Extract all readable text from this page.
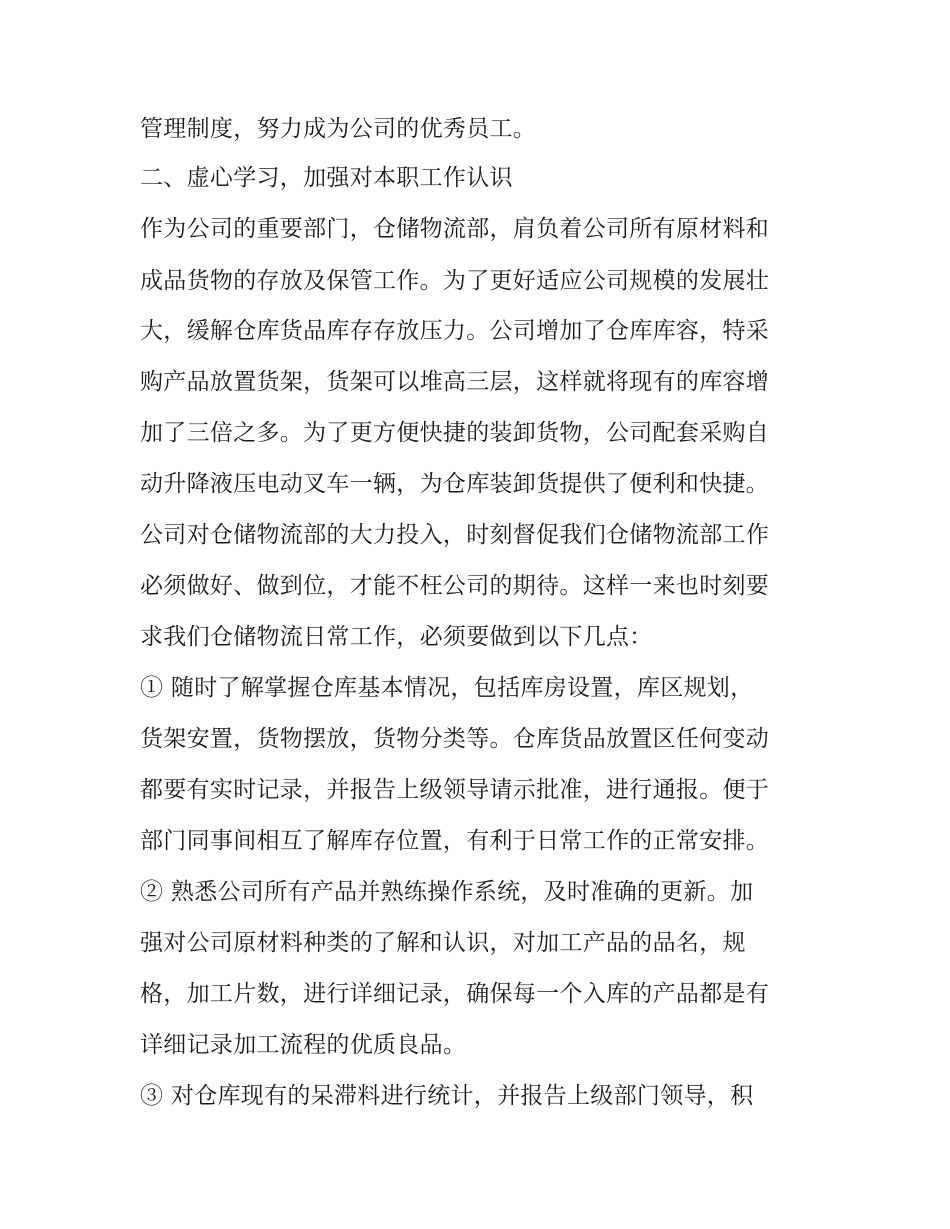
管理制度，努力成为公司的优秀员工。
二、虚心学习，加强对本职工作认识
作为公司的重要部门，仓储物流部，肩负着公司所有原材料和
成品货物的存放及保管工作。为了更好适应公司规模的发展壮
大，缓解仓库货品库存存放压力。公司增加了仓库库容，特采
购产品放置货架，货架可以堆高三层，这样就将现有的库容增
加了三倍之多。为了更方便快捷的装卸货物，公司配套采购自
动升降液压电动叉车一辆，为仓库装卸货提供了便利和快捷。
公司对仓储物流部的大力投入，时刻督促我们仓储物流部工作
必须做好、做到位，才能不枉公司的期待。这样一来也时刻要
求我们仓储物流日常工作，必须要做到以下几点：
① 随时了解掌握仓库基本情况，包括库房设置，库区规划，
货架安置，货物摆放，货物分类等。仓库货品放置区任何变动
都要有实时记录，并报告上级领导请示批准，进行通报。便于
部门同事间相互了解库存位置，有利于日常工作的正常安排。
② 熟悉公司所有产品并熟练操作系统，及时准确的更新。加
强对公司原材料种类的了解和认识，对加工产品的品名，规
格，加工片数，进行详细记录，确保每一个入库的产品都是有
详细记录加工流程的优质良品。
③ 对仓库现有的呆滞料进行统计，并报告上级部门领导，积
